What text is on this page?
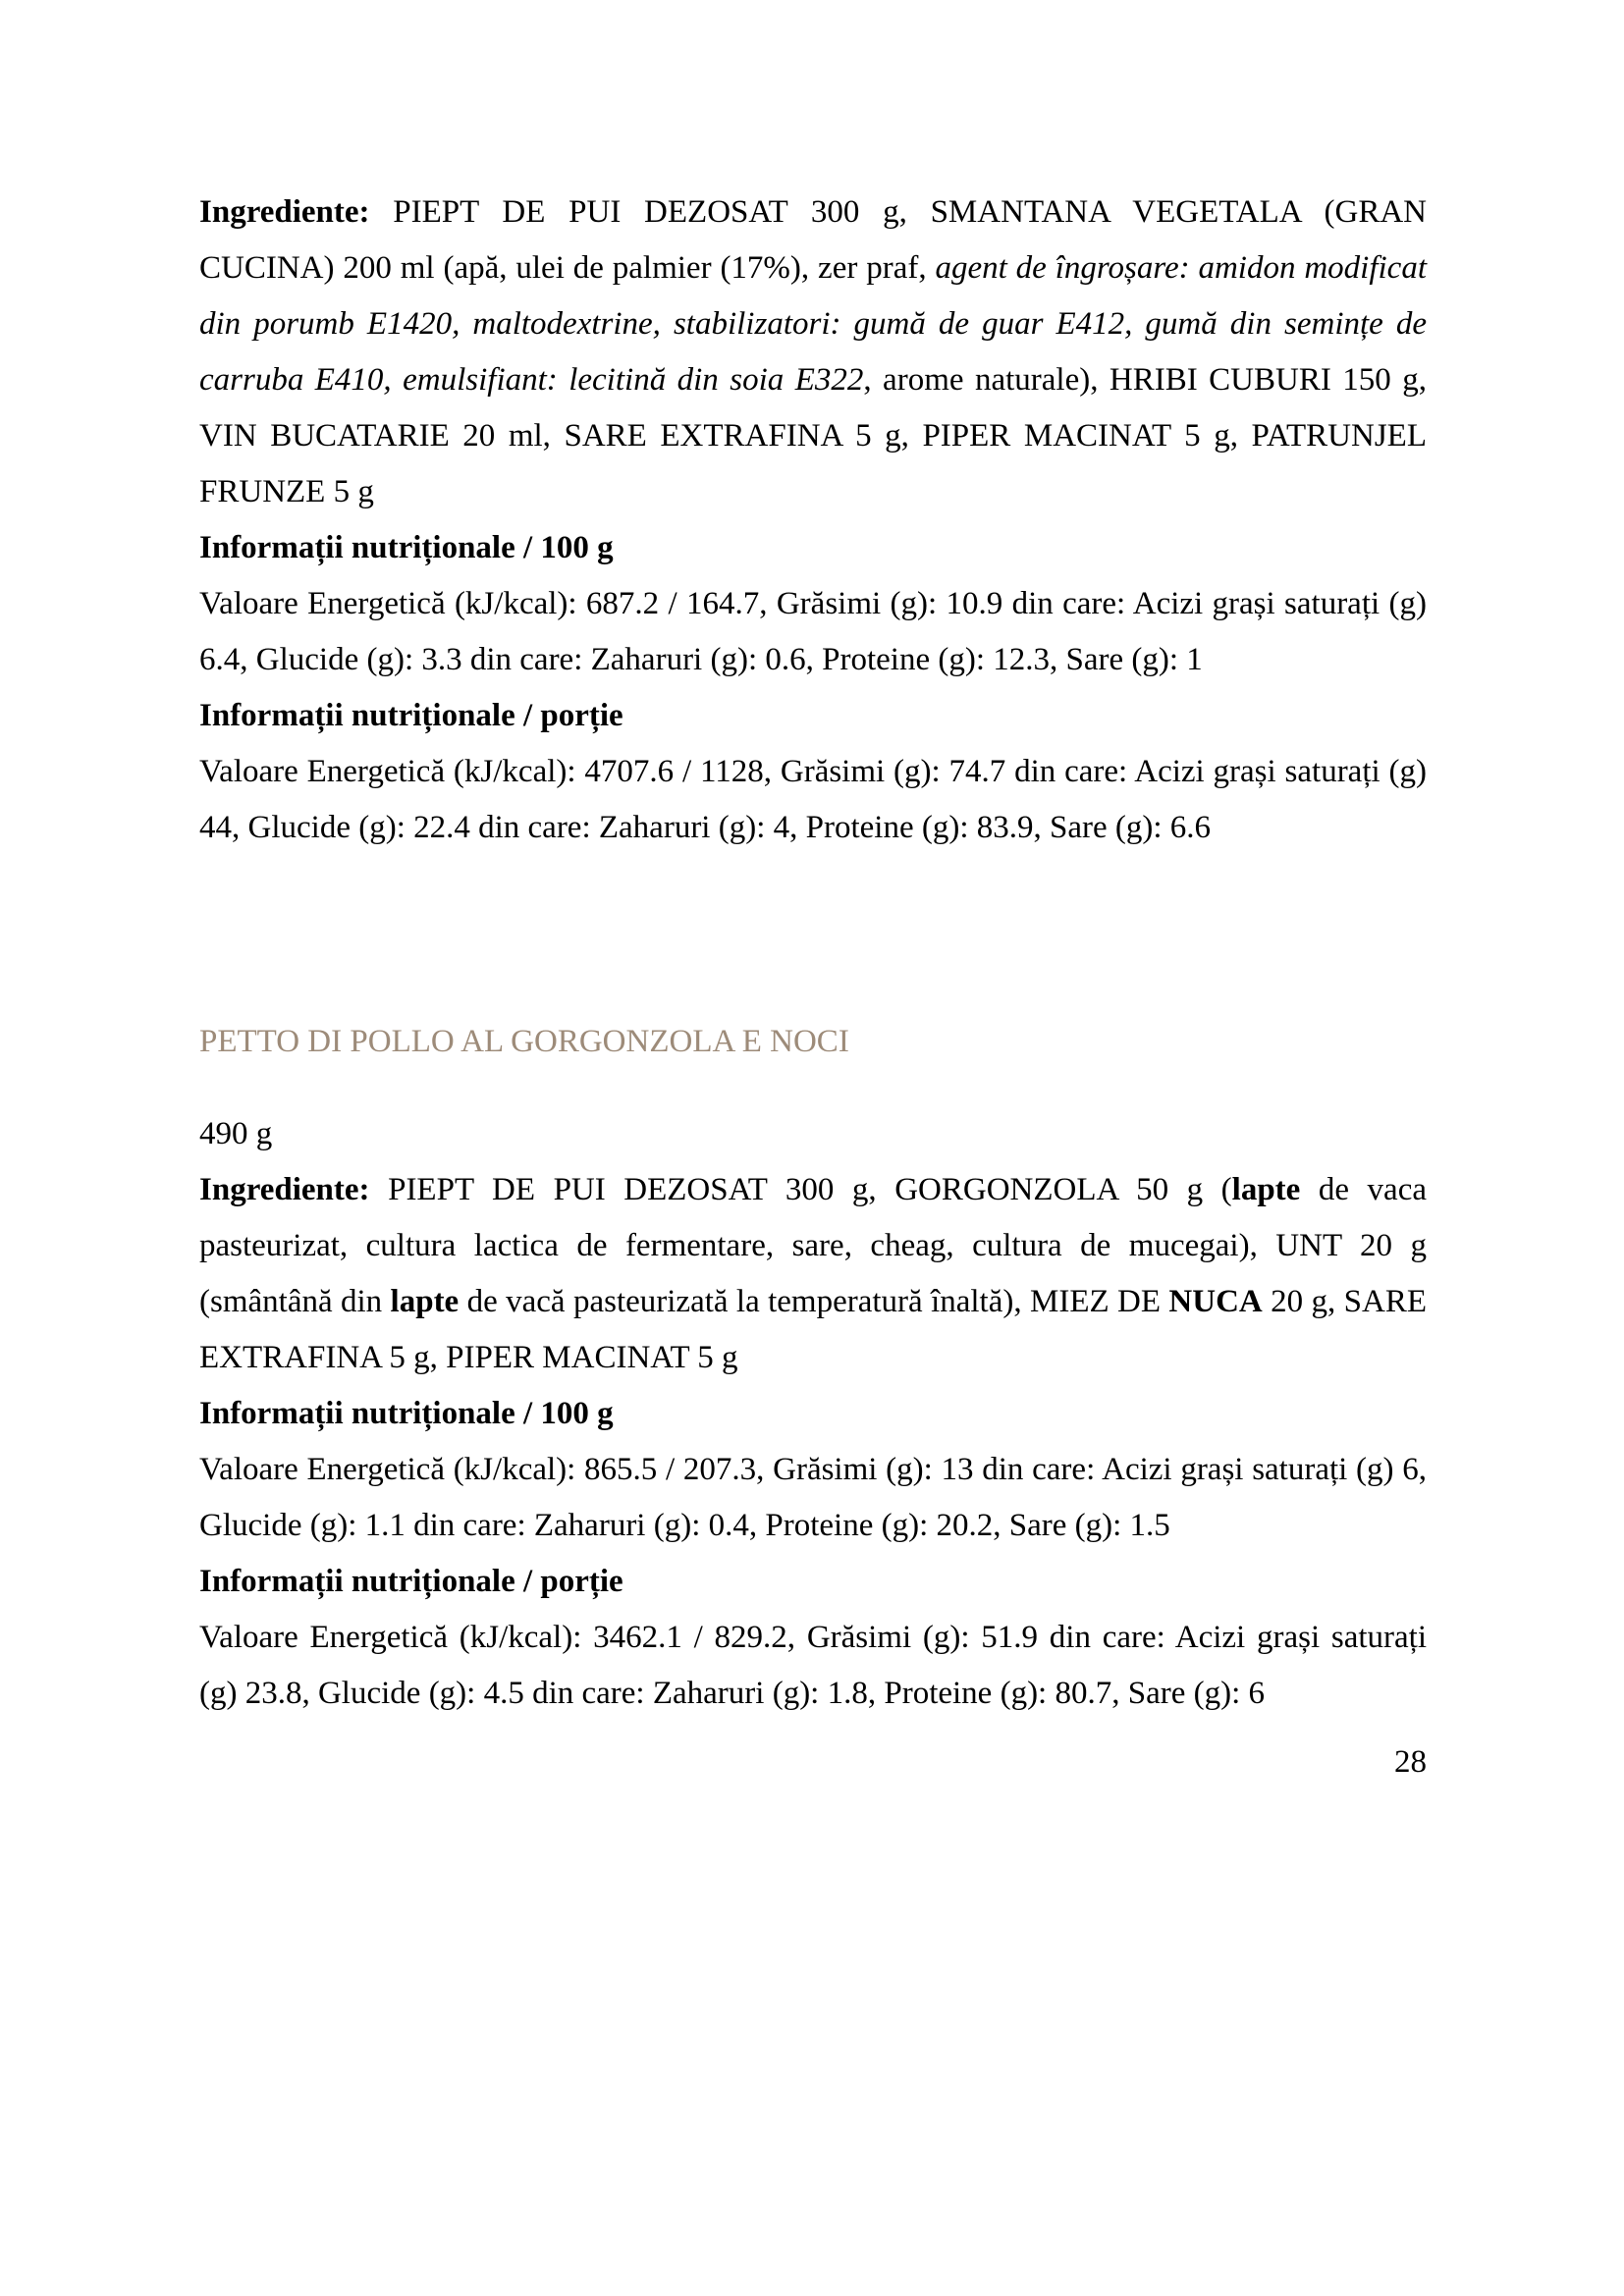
Ingrediente: PIEPT DE PUI DEZOSAT 300 g, SMANTANA VEGETALA (GRAN CUCINA) 200 ml (apă, ulei de palmier (17%), zer praf, agent de îngroșare: amidon modificat din porumb E1420, maltodextrine, stabilizatori: gumă de guar E412, gumă din semințe de carruba E410, emulsifiant: lecitină din soia E322, arome naturale), HRIBI CUBURI 150 g, VIN BUCATARIE 20 ml, SARE EXTRAFINA 5 g, PIPER MACINAT 5 g, PATRUNJEL FRUNZE 5 g

Informații nutriționale / 100 g

Valoare Energetică (kJ/kcal): 687.2 / 164.7, Grăsimi (g): 10.9 din care: Acizi grași saturați (g) 6.4, Glucide (g): 3.3 din care: Zaharuri (g): 0.6, Proteine (g): 12.3, Sare (g): 1

Informații nutriționale / porție

Valoare Energetică (kJ/kcal): 4707.6 / 1128, Grăsimi (g): 74.7 din care: Acizi grași saturați (g) 44, Glucide (g): 22.4 din care: Zaharuri (g): 4, Proteine (g): 83.9, Sare (g): 6.6

PETTO DI POLLO AL GORGONZOLA E NOCI

490 g

Ingrediente: PIEPT DE PUI DEZOSAT 300 g, GORGONZOLA 50 g (lapte de vaca pasteurizat, cultura lactica de fermentare, sare, cheag, cultura de mucegai), UNT 20 g (smântână din lapte de vacă pasteurizată la temperatură înaltă), MIEZ DE NUCA 20 g, SARE EXTRAFINA 5 g, PIPER MACINAT 5 g

Informații nutriționale / 100 g

Valoare Energetică (kJ/kcal): 865.5 / 207.3, Grăsimi (g): 13 din care: Acizi grași saturați (g) 6, Glucide (g): 1.1 din care: Zaharuri (g): 0.4, Proteine (g): 20.2, Sare (g): 1.5

Informații nutriționale / porție

Valoare Energetică (kJ/kcal): 3462.1 / 829.2, Grăsimi (g): 51.9 din care: Acizi grași saturați (g) 23.8, Glucide (g): 4.5 din care: Zaharuri (g): 1.8, Proteine (g): 80.7, Sare (g): 6

28
